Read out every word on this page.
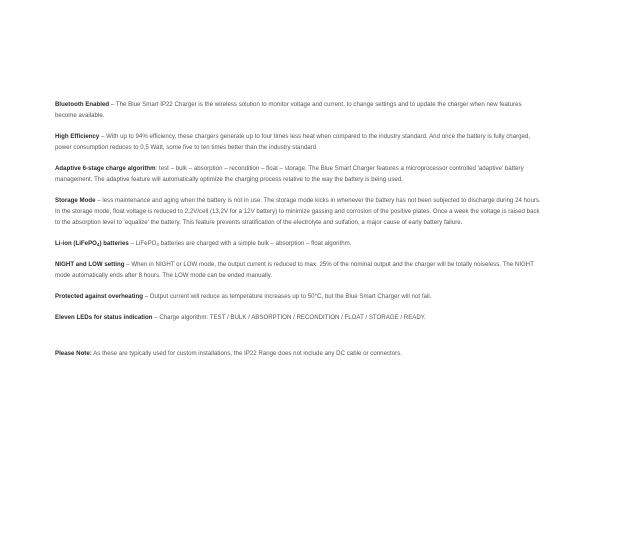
Bluetooth Enabled – The Blue Smart IP22 Charger is the wireless solution to monitor voltage and current, to change settings and to update the charger when new features become available.

High Efficiency – With up to 94% efficiency, these chargers generate up to four times less heat when compared to the industry standard. And once the battery is fully charged, power consumption reduces to 0,5 Watt, some five to ten times better than the industry standard

Adaptive 6-stage charge algorithm: test – bulk – absorption – recondition – float – storage. The Blue Smart Charger features a microprocessor controlled 'adaptive' battery management. The adaptive feature will automatically optimize the charging process relative to the way the battery is being used.

Storage Mode – less maintenance and aging when the battery is not in use. The storage mode kicks in whenever the battery has not been subjected to discharge during 24 hours. In the storage mode, float voltage is reduced to 2,2V/cell (13,2V for a 12V battery) to minimize gassing and corrosion of the positive plates. Once a week the voltage is raised back to the absorption level to 'equalize' the battery. This feature prevents stratification of the electrolyte and sulfation, a major cause of early battery failure.

Li-ion (LiFePO$_4$) batteries – LiFePO$_4$ batteries are charged with a simple bulk – absorption – float algorithm.

NIGHT and LOW setting – When in NIGHT or LOW mode, the output current is reduced to max. 25% of the nominal output and the charger will be totally noiseless. The NIGHT mode automatically ends after 8 hours. The LOW mode can be ended manually.

Protected against overheating – Output current will reduce as temperature increases up to 50°C, but the Blue Smart Charger will not fail.

Eleven LEDs for status indication – Charge algorithm: TEST / BULK / ABSORPTION / RECONDITION / FLOAT / STORAGE / READY.

Please Note: As these are typically used for custom installations, the IP22 Range does not include any DC cable or connectors.
